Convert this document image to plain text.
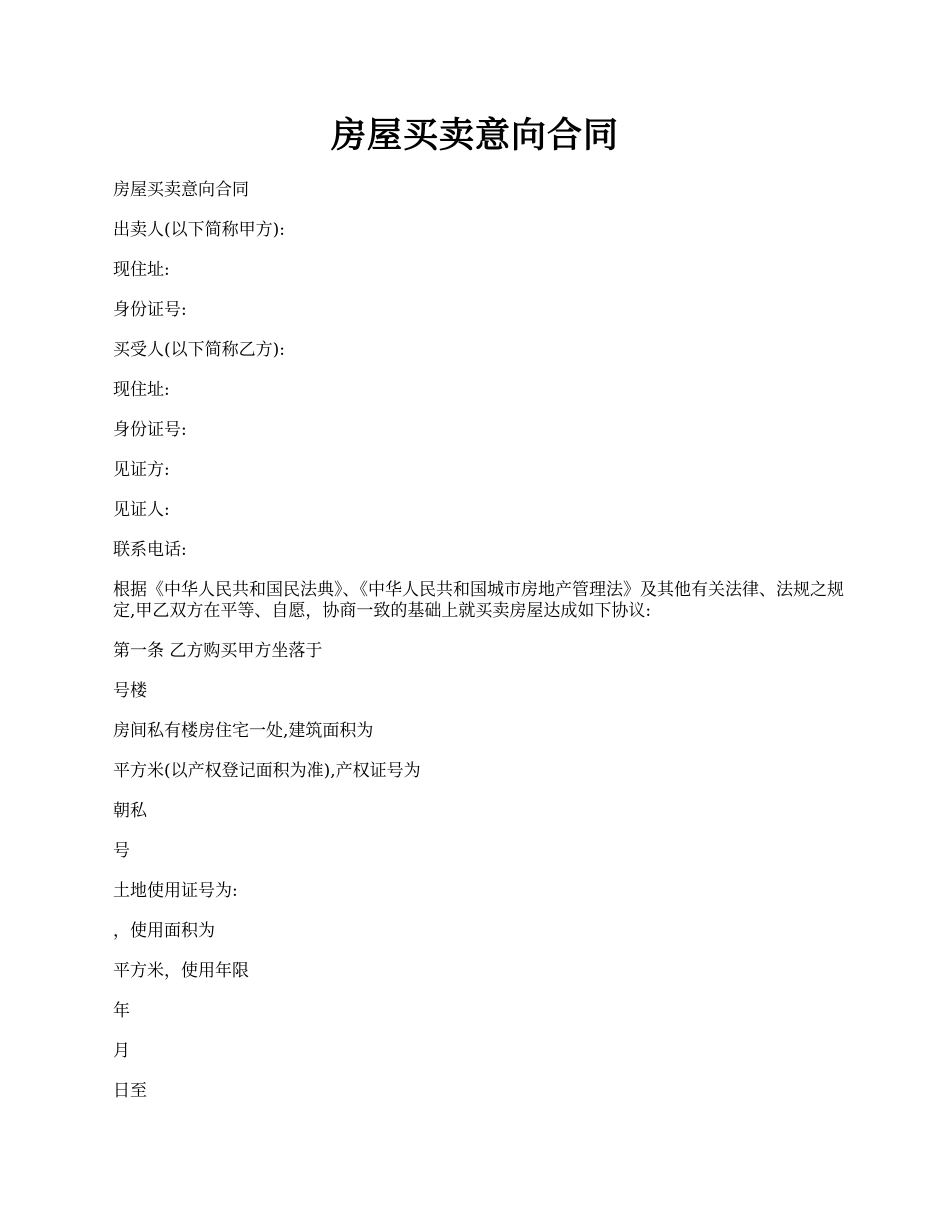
房屋买卖意向合同

房屋买卖意向合同

出卖人(以下简称甲方):

现住址:

身份证号:

买受人(以下简称乙方):

现住址:

身份证号:

见证方:

见证人:

联系电话:

根据《中华人民共和国民法典》、《中华人民共和国城市房地产管理法》及其他有关法律、法规之规定,甲乙双方在平等、自愿，协商一致的基础上就买卖房屋达成如下协议:

第一条 乙方购买甲方坐落于

号楼

房间私有楼房住宅一处,建筑面积为

平方米(以产权登记面积为准),产权证号为

朝私

号

土地使用证号为:

，使用面积为

平方米，使用年限

年

月

日至
